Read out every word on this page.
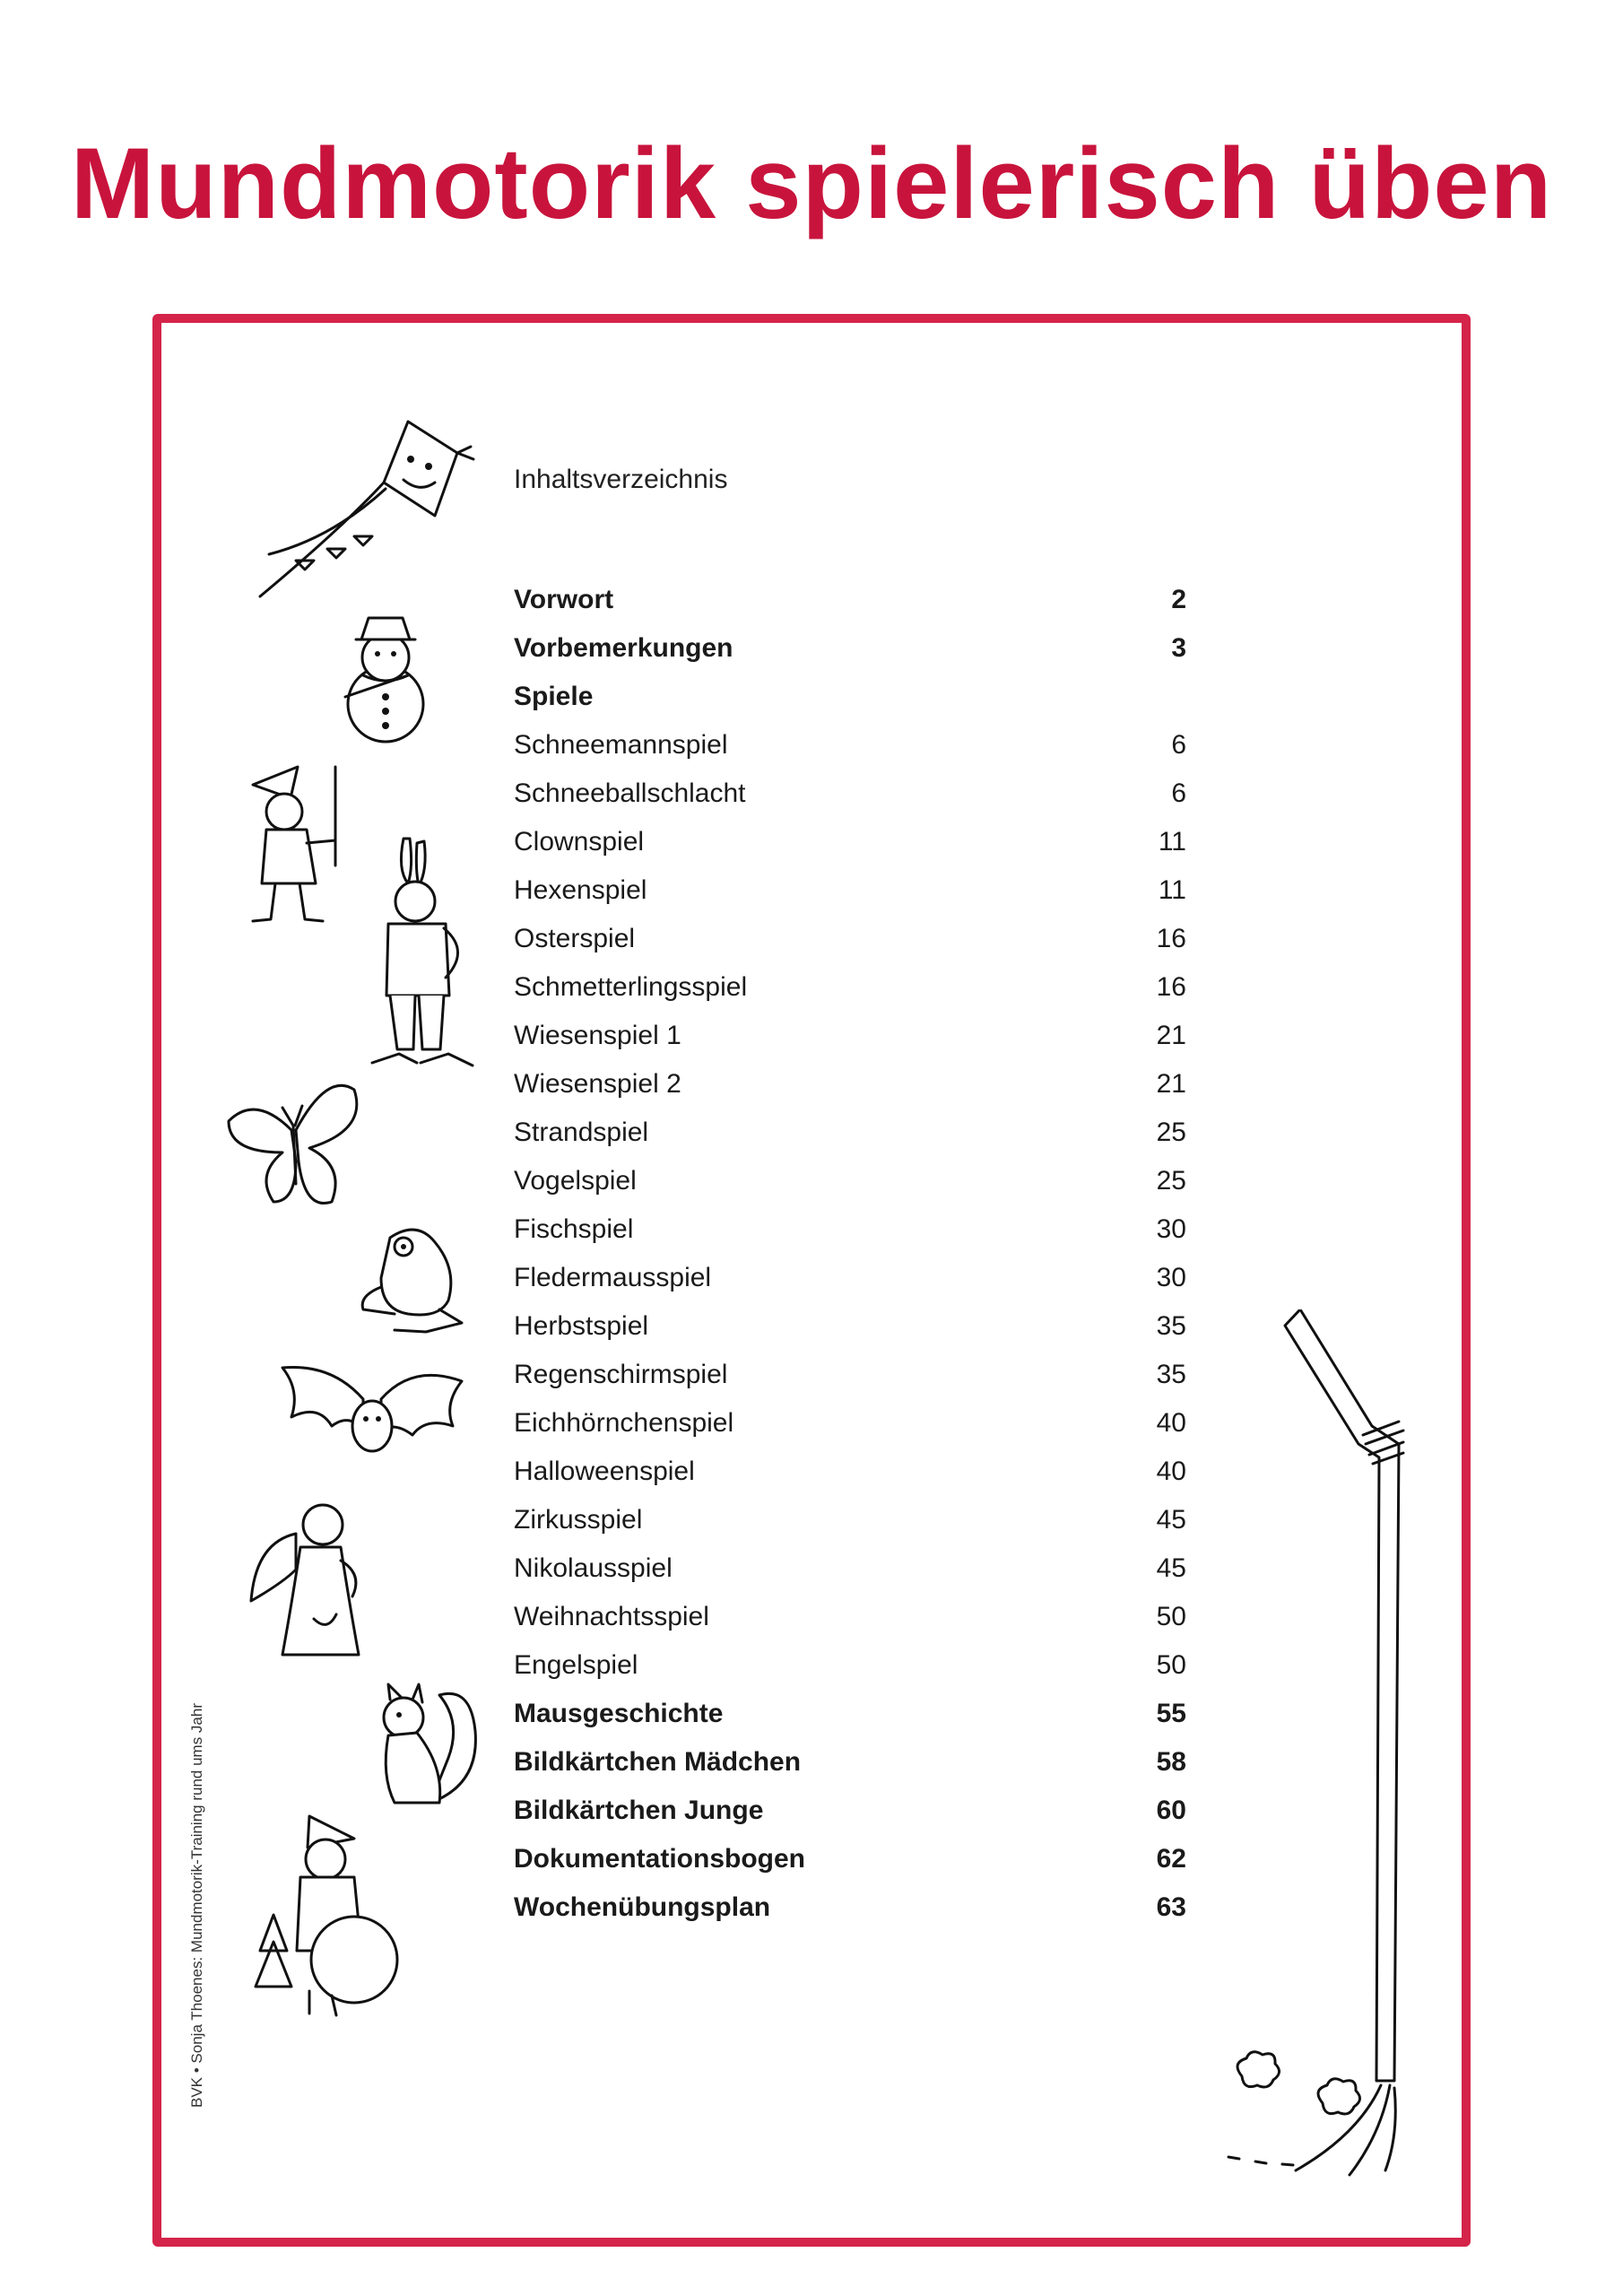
Mundmotorik spielerisch üben

Inhaltsverzeichnis

Vorwort	2
Vorbemerkungen	3
Spiele
Schneemannspiel	6
Schneeballschlacht	6
Clownspiel	11
Hexenspiel	11
Osterspiel	16
Schmetterlingsspiel	16
Wiesenspiel 1	21
Wiesenspiel 2	21
Strandspiel	25
Vogelspiel	25
Fischspiel	30
Fledermausspiel	30
Herbstspiel	35
Regenschirmspiel	35
Eichhörnchenspiel	40
Halloweenspiel	40
Zirkusspiel	45
Nikolausspiel	45
Weihnachtsspiel	50
Engelspiel	50
Mausgeschichte	55
Bildkärtchen Mädchen	58
Bildkärtchen Junge	60
Dokumentationsbogen	62
Wochenübungsplan	63
BVK • Sonja Thoenes: Mundmotorik-Training rund ums Jahr
